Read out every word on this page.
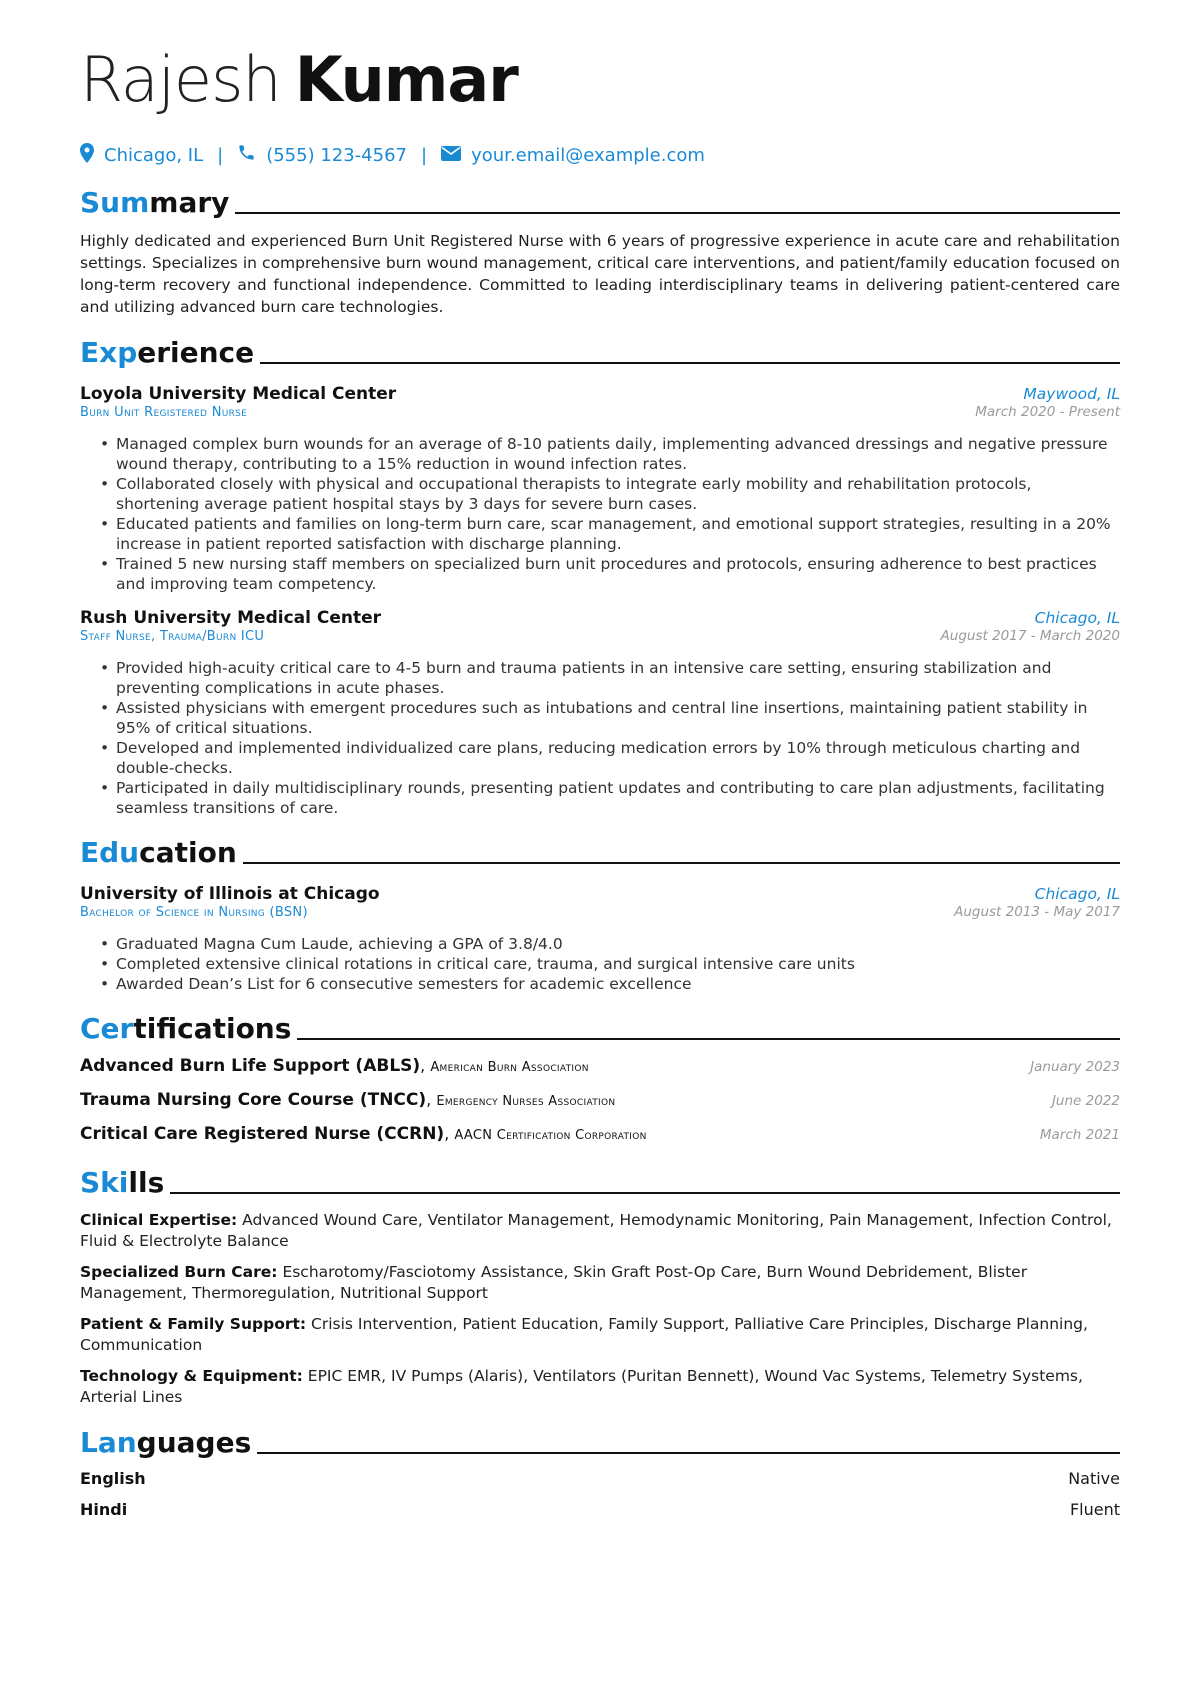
Rajesh Kumar
Chicago, IL | (555) 123-4567 | your.email@example.com
Summary
Highly dedicated and experienced Burn Unit Registered Nurse with 6 years of progressive experience in acute care and rehabilitation settings. Specializes in comprehensive burn wound management, critical care interventions, and patient/family education focused on long-term recovery and functional independence. Committed to leading interdisciplinary teams in delivering patient-centered care and utilizing advanced burn care technologies.
Experience
Loyola University Medical Center	Maywood, IL
Burn Unit Registered Nurse	March 2020 - Present
• Managed complex burn wounds for an average of 8-10 patients daily, implementing advanced dressings and negative pressure wound therapy, contributing to a 15% reduction in wound infection rates.
• Collaborated closely with physical and occupational therapists to integrate early mobility and rehabilitation protocols, shortening average patient hospital stays by 3 days for severe burn cases.
• Educated patients and families on long-term burn care, scar management, and emotional support strategies, resulting in a 20% increase in patient reported satisfaction with discharge planning.
• Trained 5 new nursing staff members on specialized burn unit procedures and protocols, ensuring adherence to best practices and improving team competency.
Rush University Medical Center	Chicago, IL
Staff Nurse, Trauma/Burn ICU	August 2017 - March 2020
• Provided high-acuity critical care to 4-5 burn and trauma patients in an intensive care setting, ensuring stabilization and preventing complications in acute phases.
• Assisted physicians with emergent procedures such as intubations and central line insertions, maintaining patient stability in 95% of critical situations.
• Developed and implemented individualized care plans, reducing medication errors by 10% through meticulous charting and double-checks.
• Participated in daily multidisciplinary rounds, presenting patient updates and contributing to care plan adjustments, facilitating seamless transitions of care.
Education
University of Illinois at Chicago	Chicago, IL
Bachelor of Science in Nursing (BSN)	August 2013 - May 2017
• Graduated Magna Cum Laude, achieving a GPA of 3.8/4.0
• Completed extensive clinical rotations in critical care, trauma, and surgical intensive care units
• Awarded Dean’s List for 6 consecutive semesters for academic excellence
Certifications
Advanced Burn Life Support (ABLS), American Burn Association	January 2023
Trauma Nursing Core Course (TNCC), Emergency Nurses Association	June 2022
Critical Care Registered Nurse (CCRN), AACN Certification Corporation	March 2021
Skills
Clinical Expertise: Advanced Wound Care, Ventilator Management, Hemodynamic Monitoring, Pain Management, Infection Control, Fluid & Electrolyte Balance
Specialized Burn Care: Escharotomy/Fasciotomy Assistance, Skin Graft Post-Op Care, Burn Wound Debridement, Blister Management, Thermoregulation, Nutritional Support
Patient & Family Support: Crisis Intervention, Patient Education, Family Support, Palliative Care Principles, Discharge Planning, Communication
Technology & Equipment: EPIC EMR, IV Pumps (Alaris), Ventilators (Puritan Bennett), Wound Vac Systems, Telemetry Systems, Arterial Lines
Languages
English	Native
Hindi	Fluent
